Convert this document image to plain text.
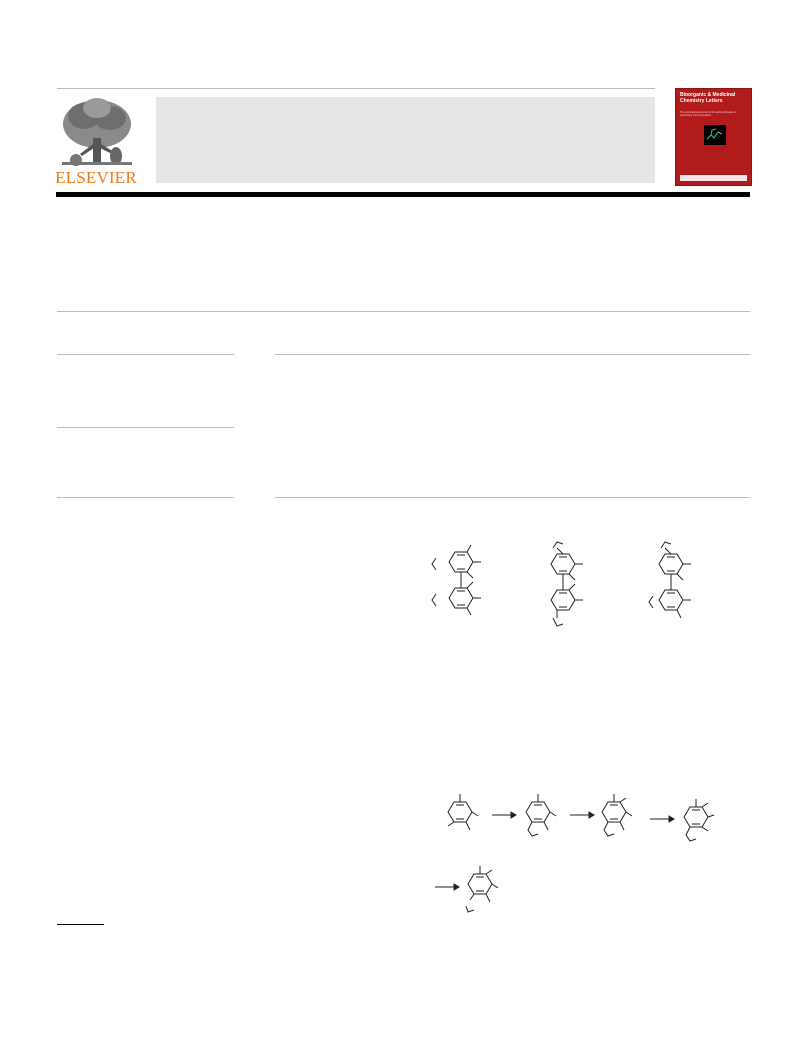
ELSEVIER
Bioorganic & Medicinal Chemistry Letters
The international journal for the rapid publication of preliminary communications
